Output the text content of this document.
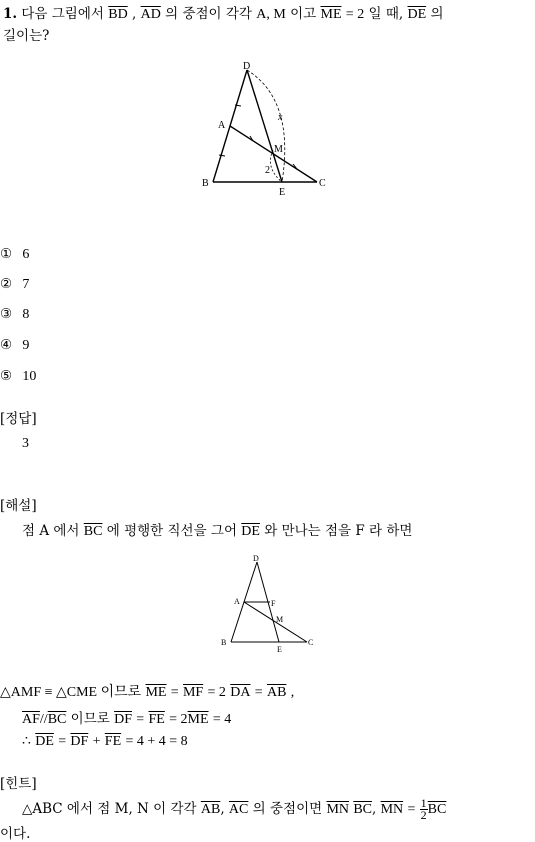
1. 다음 그림에서 $\overline{BD}$ , $\overline{AD}$ 의 중점이 각각 A, M 이고 $\overline{ME} = 2$ 일 때, $\overline{DE}$ 의
길이는?
D
A
M
B	C
E
x
2
① 6
② 7
③ 8
④ 9
⑤ 10
[정답]
3
[해설]
점 A 에서 $\overline{BC}$ 에 평행한 직선을 그어 $\overline{DE}$ 와 만나는 점을 F 라 하면
D
A	F
M
B
E
C
△AMF ≡ △CME 이므로 $\overline{ME} = \overline{MF} = 2$ $\overline{DA} = \overline{AB}$ ,
$\overline{AF}//\overline{BC}$ 이므로 $\overline{DF} = \overline{FE} = 2\overline{ME} = 4$
∴ $\overline{DE} = \overline{DF} + \overline{FE} = 4 + 4 = 8$
[힌트]
△ABC 에서 점 M, N 이 각각 $\overline{AB}$, $\overline{AC}$ 의 중점이면 $\overline{MN}$ $\overline{BC}$, $\overline{MN} = \frac{1}{2} \overline{BC}$
이다.
